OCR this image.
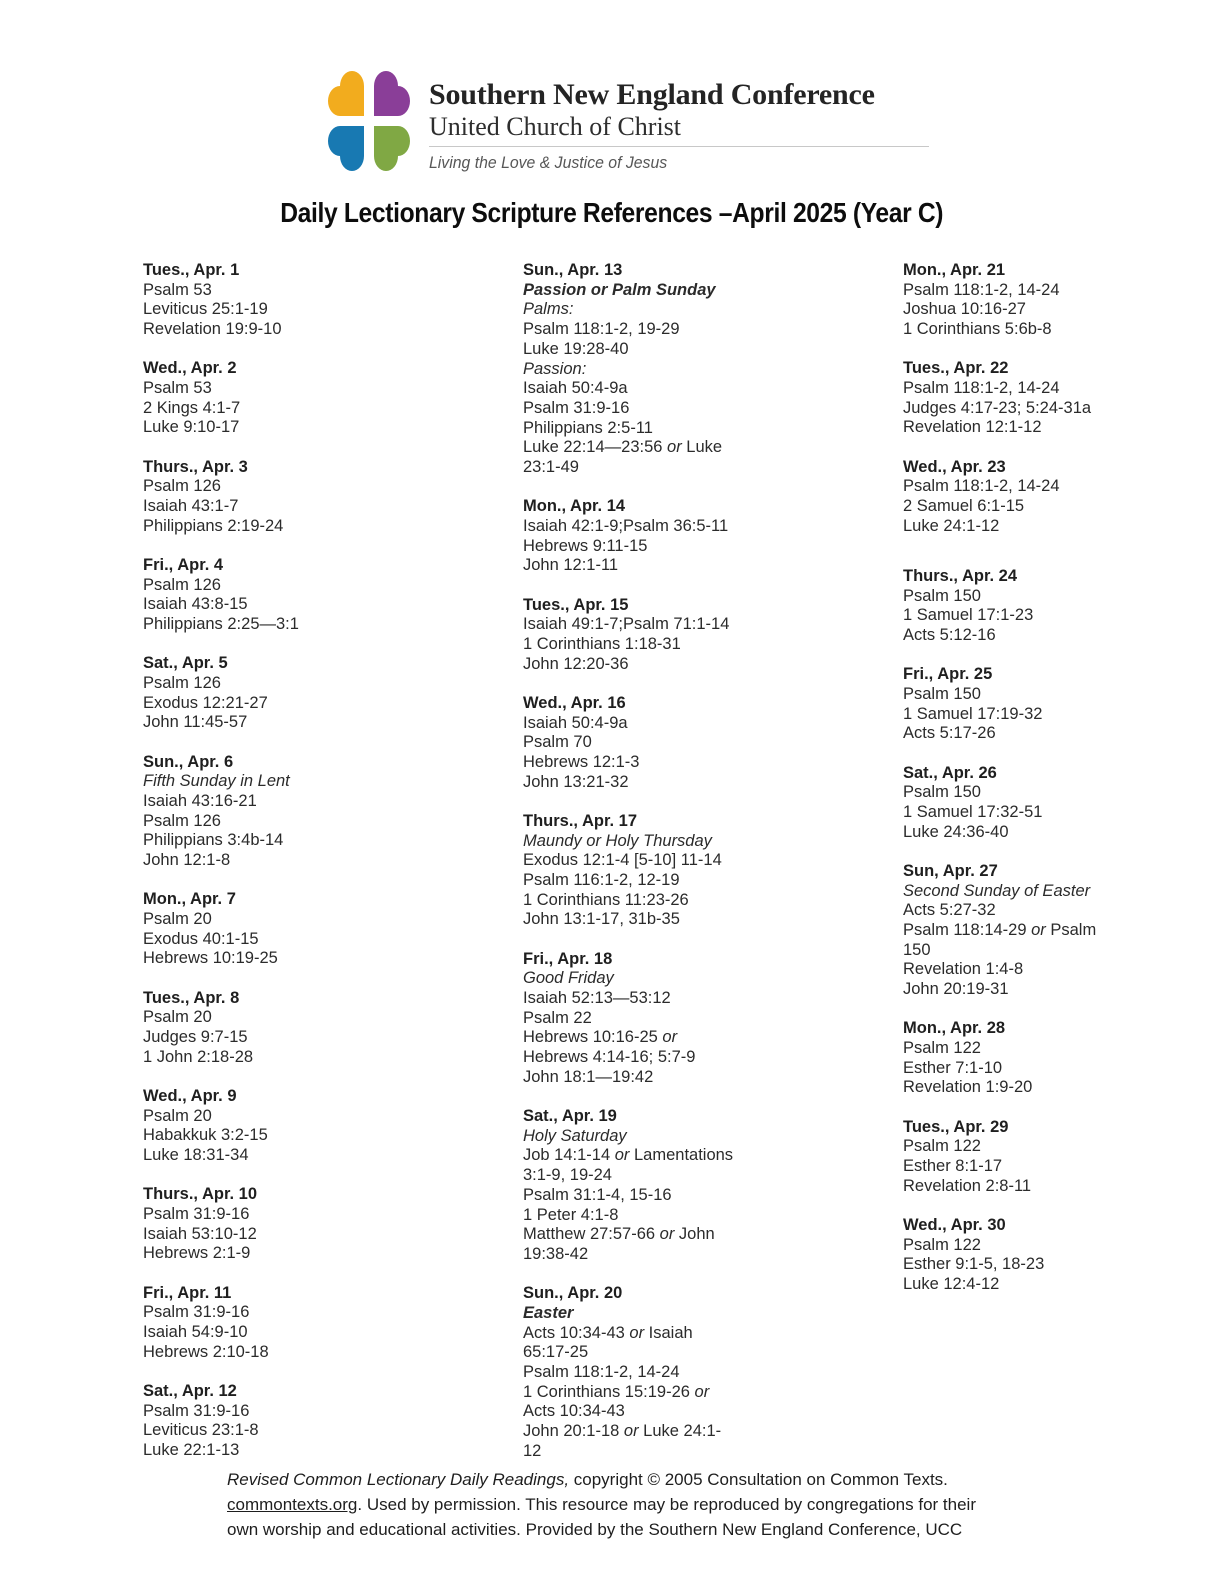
Southern New England Conference
United Church of Christ
Living the Love & Justice of Jesus
Daily Lectionary Scripture References –April 2025 (Year C)
Tues., Apr. 1
Psalm 53
Leviticus 25:1-19
Revelation 19:9-10
Wed., Apr. 2
Psalm 53
2 Kings 4:1-7
Luke 9:10-17
Thurs., Apr. 3
Psalm 126
Isaiah 43:1-7
Philippians 2:19-24
Fri., Apr. 4
Psalm 126
Isaiah 43:8-15
Philippians 2:25—3:1
Sat., Apr. 5
Psalm 126
Exodus 12:21-27
John 11:45-57
Sun., Apr. 6
Fifth Sunday in Lent
Isaiah 43:16-21
Psalm 126
Philippians 3:4b-14
John 12:1-8
Mon., Apr. 7
Psalm 20
Exodus 40:1-15
Hebrews 10:19-25
Tues., Apr. 8
Psalm 20
Judges 9:7-15
1 John 2:18-28
Wed., Apr. 9
Psalm 20
Habakkuk 3:2-15
Luke 18:31-34
Thurs., Apr. 10
Psalm 31:9-16
Isaiah 53:10-12
Hebrews 2:1-9
Fri., Apr. 11
Psalm 31:9-16
Isaiah 54:9-10
Hebrews 2:10-18
Sat., Apr. 12
Psalm 31:9-16
Leviticus 23:1-8
Luke 22:1-13
Sun., Apr. 13
Passion or Palm Sunday
Palms:
Psalm 118:1-2, 19-29
Luke 19:28-40
Passion:
Isaiah 50:4-9a
Psalm 31:9-16
Philippians 2:5-11
Luke 22:14—23:56 or Luke
23:1-49
Mon., Apr. 14
Isaiah 42:1-9;Psalm 36:5-11
Hebrews 9:11-15
John 12:1-11
Tues., Apr. 15
Isaiah 49:1-7;Psalm 71:1-14
1 Corinthians 1:18-31
John 12:20-36
Wed., Apr. 16
Isaiah 50:4-9a
Psalm 70
Hebrews 12:1-3
John 13:21-32
Thurs., Apr. 17
Maundy or Holy Thursday
Exodus 12:1-4 [5-10] 11-14
Psalm 116:1-2, 12-19
1 Corinthians 11:23-26
John 13:1-17, 31b-35
Fri., Apr. 18
Good Friday
Isaiah 52:13—53:12
Psalm 22
Hebrews 10:16-25 or
Hebrews 4:14-16; 5:7-9
John 18:1—19:42
Sat., Apr. 19
Holy Saturday
Job 14:1-14 or Lamentations
3:1-9, 19-24
Psalm 31:1-4, 15-16
1 Peter 4:1-8
Matthew 27:57-66 or John
19:38-42
Sun., Apr. 20
Easter
Acts 10:34-43 or Isaiah
65:17-25
Psalm 118:1-2, 14-24
1 Corinthians 15:19-26 or
Acts 10:34-43
John 20:1-18 or Luke 24:1-
12
Mon., Apr. 21
Psalm 118:1-2, 14-24
Joshua 10:16-27
1 Corinthians 5:6b-8
Tues., Apr. 22
Psalm 118:1-2, 14-24
Judges 4:17-23; 5:24-31a
Revelation 12:1-12
Wed., Apr. 23
Psalm 118:1-2, 14-24
2 Samuel 6:1-15
Luke 24:1-12
Thurs., Apr. 24
Psalm 150
1 Samuel 17:1-23
Acts 5:12-16
Fri., Apr. 25
Psalm 150
1 Samuel 17:19-32
Acts 5:17-26
Sat., Apr. 26
Psalm 150
1 Samuel 17:32-51
Luke 24:36-40
Sun, Apr. 27
Second Sunday of Easter
Acts 5:27-32
Psalm 118:14-29 or Psalm
150
Revelation 1:4-8
John 20:19-31
Mon., Apr. 28
Psalm 122
Esther 7:1-10
Revelation 1:9-20
Tues., Apr. 29
Psalm 122
Esther 8:1-17
Revelation 2:8-11
Wed., Apr. 30
Psalm 122
Esther 9:1-5, 18-23
Luke 12:4-12
Revised Common Lectionary Daily Readings, copyright © 2005 Consultation on Common Texts.
commontexts.org. Used by permission. This resource may be reproduced by congregations for their
own worship and educational activities. Provided by the Southern New England Conference, UCC
